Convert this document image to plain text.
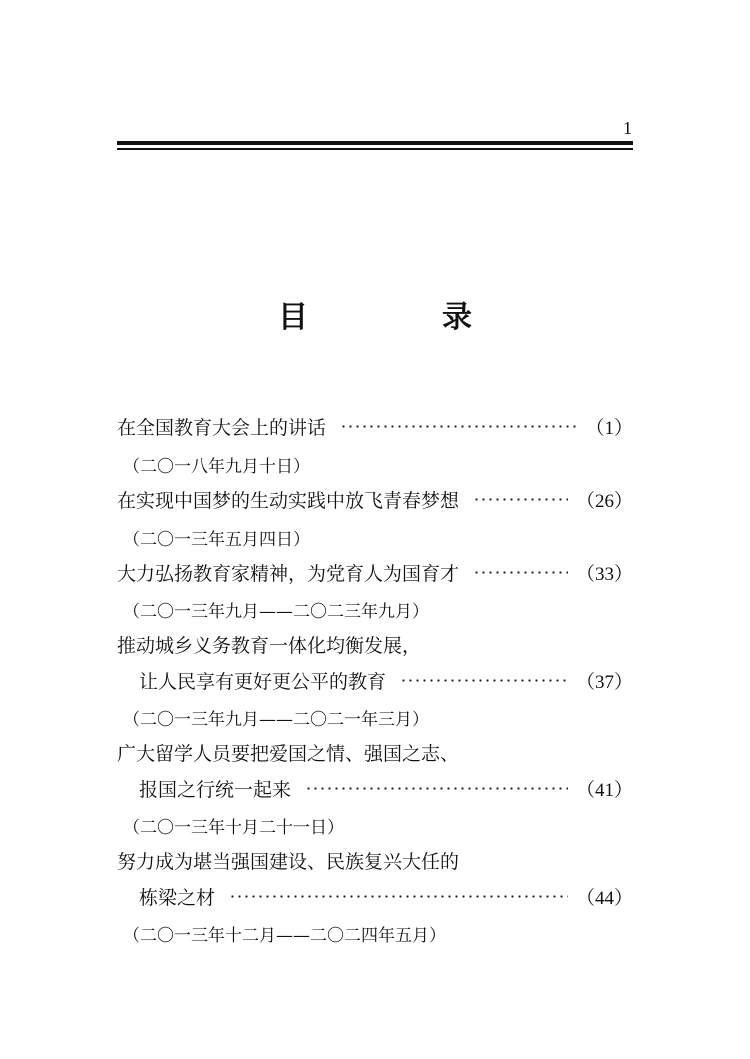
1
目　录
在全国教育大会上的讲话	（1）
（二〇一八年九月十日）
在实现中国梦的生动实践中放飞青春梦想	（26）
（二〇一三年五月四日）
大力弘扬教育家精神，为党育人为国育才	（33）
（二〇一三年九月——二〇二三年九月）
推动城乡义务教育一体化均衡发展，
让人民享有更好更公平的教育	（37）
（二〇一三年九月——二〇二一年三月）
广大留学人员要把爱国之情、强国之志、
报国之行统一起来	（41）
（二〇一三年十月二十一日）
努力成为堪当强国建设、民族复兴大任的
栋梁之材	（44）
（二〇一三年十二月——二〇二四年五月）
